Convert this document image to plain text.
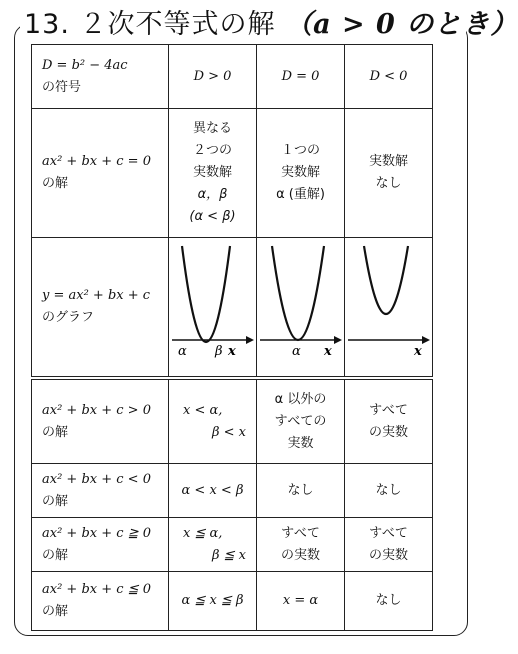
13. ２次不等式の解 （a > 0 のとき）
D = b² − 4ac
の符号	D > 0	D = 0	D < 0

ax² + bx + c = 0
の解	異なる
２つの
実数解
α，β
(α < β)	１つの
実数解
α (重解)	実数解
なし

y = ax² + bx + c
のグラフ	α β x	α x	x

ax² + bx + c > 0
の解	x < α,
β < x	α 以外の
すべての
実数	すべて
の実数

ax² + bx + c < 0
の解	α < x < β	なし	なし

ax² + bx + c ≧ 0
の解	x ≦ α,
β ≦ x	すべて
の実数	すべて
の実数

ax² + bx + c ≦ 0
の解	α ≦ x ≦ β	x = α	なし
